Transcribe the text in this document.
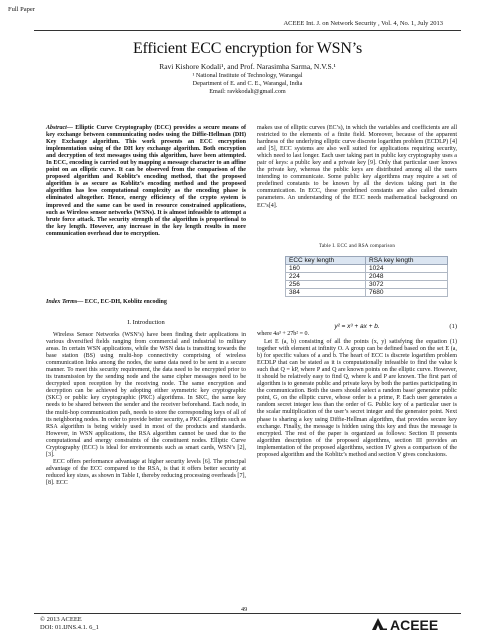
Full Paper
ACEEE Int. J. on Network Security , Vol. 4, No. 1, July 2013
Efficient ECC encryption for WSN’s
Ravi Kishore Kodali¹, and Prof. Narasimha Sarma, N.V.S.¹
¹ National Institute of Technology, Warangal
Department of E. and C. E., Warangal, India
Email: ravkkodali@gmail.com
Abstract— Elliptic Curve Cryptography (ECC) provides a secure means of key exchange between communicating nodes using the Diffie-Hellman (DH) Key Exchange algorithm. This work presents an ECC encryption implementation using of the DH key exchange algorithm. Both encryption and decryption of text messages using this algorithm, have been attempted. In ECC, encoding is carried out by mapping a message character to an affine point on an elliptic curve. It can be observed from the comparison of the proposed algorithm and Koblitz’s encoding method, that the proposed algorithm is as secure as Koblitz’s encoding method and the proposed algorithm has less computational complexity as the encoding phase is eliminated altogether. Hence, energy efficiency of the crypto system is improved and the same can be used in resource constrained applications, such as Wireless sensor networks (WSNs). It is almost infeasible to attempt a brute force attack. The security strength of the algorithm is proportional to the key length. However, any increase in the key length results in more communication overhead due to encryption.
Index Terms— ECC, EC-DH, Koblitz encoding
I. Introduction

Wireless Sensor Networks (WSN’s) have been finding their applications in various diversified fields ranging from commercial and industrial to military areas. In certain WSN applications, while the WSN data is transiting towards the base station (BS) using multi-hop connectivity comprising of wireless communication links among the nodes, the same data need to be sent in a secure manner. To meet this security requirement, the data need to be encrypted prior to its transmission by the sending node and the same cipher messages need to be decrypted upon reception by the receiving node. The same encryption and decryption can be achieved by adopting either symmetric key cryptographic (SKC) or public key cryptographic (PKC) algorithms. In SKC, the same key needs to be shared between the sender and the receiver beforehand. Each node, in the multi-hop communication path, needs to store the corresponding keys of all of its neighboring nodes. In order to provide better security, a PKC algorithm such as RSA algorithm is being widely used in most of the products and standards. However, in WSN applications, the RSA algorithm cannot be used due to the computational and energy constraints of the constituent nodes. Elliptic Curve Cryptography (ECC) is ideal for environments such as smart cards, WSN’s [2],[3].

ECC offers performance advantage at higher security levels [6]. The principal advantage of the ECC compared to the RSA, is that it offers better security at reduced key sizes, as shown in Table I, thereby reducing processing overheads [7], [8]. ECC

makes use of elliptic curves (EC’s), in which the variables and coefficients are all restricted to the elements of a finite field. Moreover, because of the apparent hardness of the underlying elliptic curve discrete logarithm problem (ECDLP) [4] and [5], ECC systems are also well suited for applications requiring security, which need to last longer. Each user taking part in public key cryptography uses a pair of keys: a public key and a private key [9]. Only that particular user knows the private key, whereas the public keys are distributed among all the users intending to communicate. Some public key algorithms may require a set of predefined constants to be known by all the devices taking part in the communication. In ECC, these predefined constants are also called domain parameters. An understanding of the ECC needs mathematical background on EC’s[4].

Table I. ECC and RSA comparison
ECC key length	RSA key length
160	1024
224	2048
256	3072
384	7680
y² = x³ + ax + b.	(1)
where 4a³ + 27b² = 0.

Let E (a, b) consisting of all the points (x, y) satisfying the equation (1) together with element at infinity O. A group can be defined based on the set E (a, b) for specific values of a and b. The heart of ECC is discrete logarithm problem ECDLP that can be stated as it is computationally infeasible to find the value k such that Q = kP, where P and Q are known points on the elliptic curve. However, it should be relatively easy to find Q, where k and P are known. The first part of algorithm is to generate public and private keys by both the parties participating in the communication. Both the users should select a random base/ generator public point, G, on the elliptic curve, whose order is a prime, P. Each user generates a random secret integer less than the order of G. Public key of a particular user is the scalar multiplication of the user’s secret integer and the generator point. Next phase is sharing a key using Diffie-Hellman algorithm, that provides secure key exchange. Finally, the message is hidden using this key and thus the message is encrypted. The rest of the paper is organized as follows: Section II presents algorithm description of the proposed algorithms, section III provides an implementation of the proposed algorithms, section IV gives a comparison of the proposed algorithm and the Koblitz’s method and section V gives conclusions.

49
© 2013 ACEEE
DOI: 01.IJNS.4.1. 6_1	ACEEE
